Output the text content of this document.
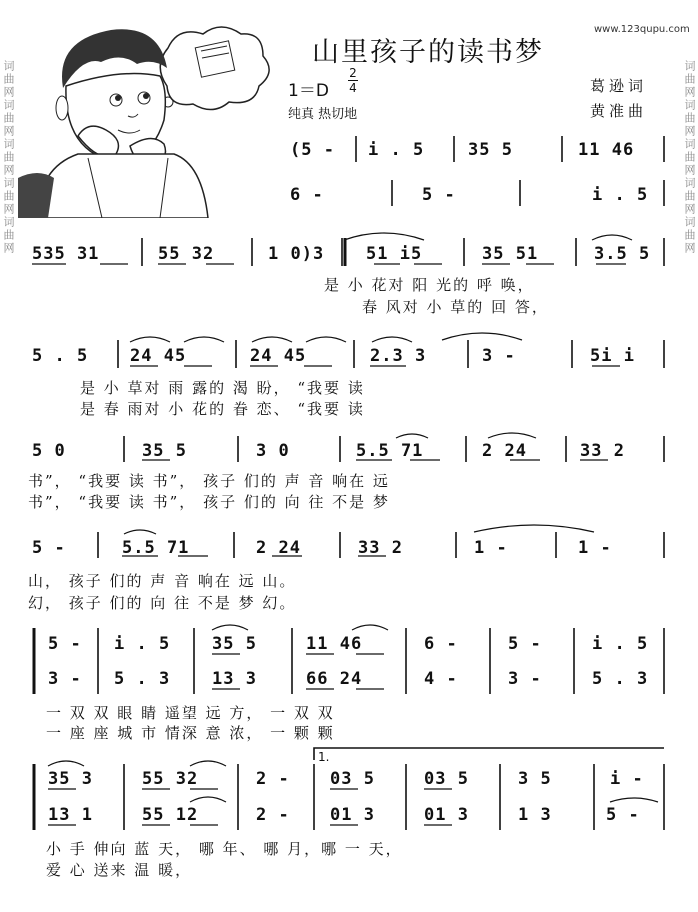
词曲网词曲网词曲网词曲网词曲网	词曲网词曲网词曲网词曲网词曲网
山里孩子的读书梦
www.123qupu.com
1＝D
2
4
纯真 热切地
葛逊词
黄准曲
(5 - i . 5	35 5	11 46
6 -	5 -	i . 5
535 31	55 32	1 0)3 51 i5	35 51	3.5 5
是 小 花对 阳 光的 呼 唤，
春 风对 小 草的 回 答，
5 . 5 24 45	24 45	2.3 3	3 -	5i i
是 小 草对 雨 露的 渴 盼， “我要 读
是 春 雨对 小 花的 眷 恋、 “我要 读
5 0	35 5	3 0	5.5 71	2 24	33 2
书”， “我要 读 书”， 孩子 们的 声 音 响在 远
书”， “我要 读 书”， 孩子 们的 向 往 不是 梦
5 -	5.5 71	2 24	33 2	1 -	1 -
山， 孩子 们的 声 音 响在 远 山。
幻， 孩子 们的 向 往 不是 梦 幻。
5 - i . 5 35 5	11 46	6 -	5 -	i . 5
3 - 5 . 3 13 3	66 24	4 -	3 -	5 . 3
一 双 双 眼 睛 遥望 远 方， 一 双 双
一 座 座 城 市 情深 意 浓， 一 颗 颗
35 3	55 32	2 - 03 5	03 5	3 5	i -
13 1	55 12	2 - 01 3	01 3	1 3	5 -
1.
小 手 伸向 蓝 天， 哪 年、 哪 月，哪 一 天，
爱 心 送来 温 暖，
